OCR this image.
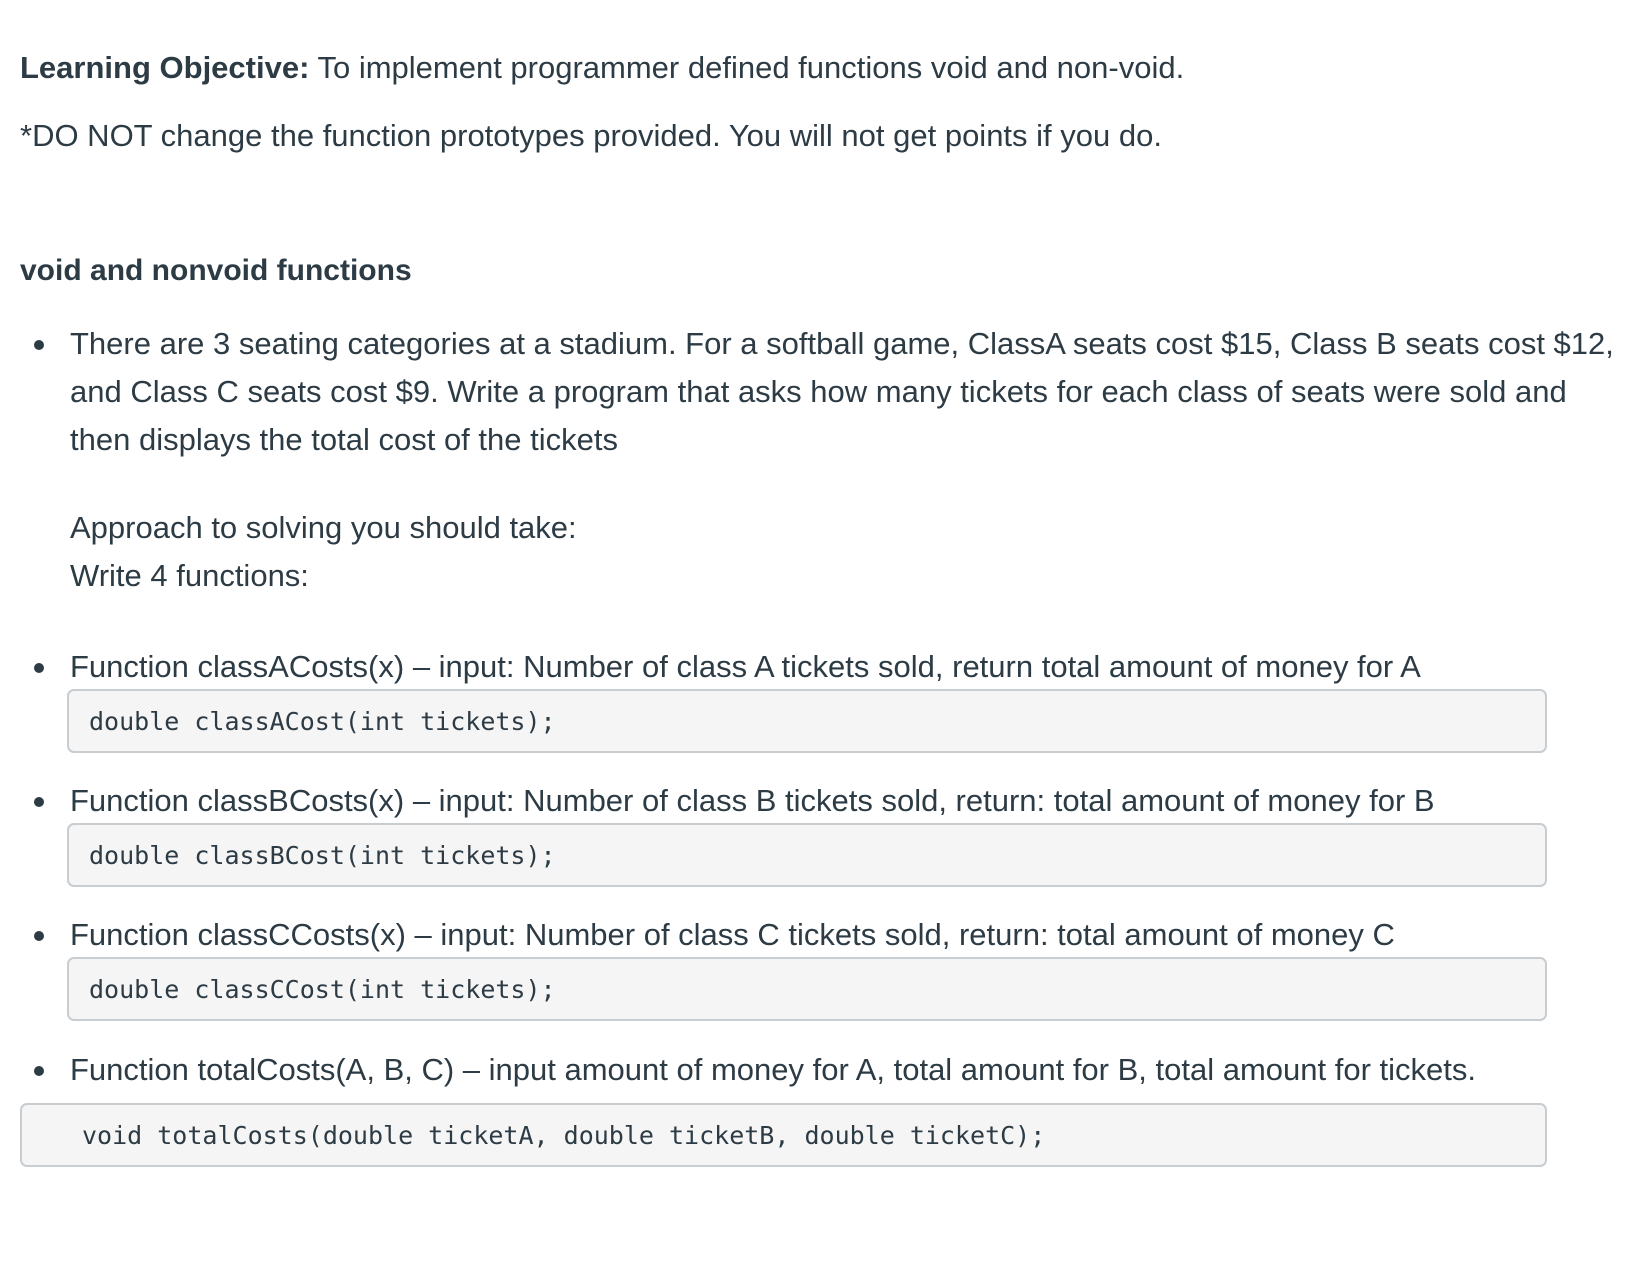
Learning Objective: To implement programmer defined functions void and non-void.

*DO NOT change the function prototypes provided. You will not get points if you do.

void and nonvoid functions
There are 3 seating categories at a stadium. For a softball game, ClassA seats cost $15, Class B seats cost $12,
and Class C seats cost $9. Write a program that asks how many tickets for each class of seats were sold and
then displays the total cost of the tickets
Approach to solving you should take:
Write 4 functions:
Function classACosts(x) – input: Number of class A tickets sold, return total amount of money for A
double classACost(int tickets);
Function classBCosts(x) – input: Number of class B tickets sold, return: total amount of money for B
double classBCost(int tickets);
Function classCCosts(x) – input: Number of class C tickets sold, return: total amount of money C
double classCCost(int tickets);
Function totalCosts(A, B, C) – input amount of money for A, total amount for B, total amount for tickets.
void totalCosts(double ticketA, double ticketB, double ticketC);
